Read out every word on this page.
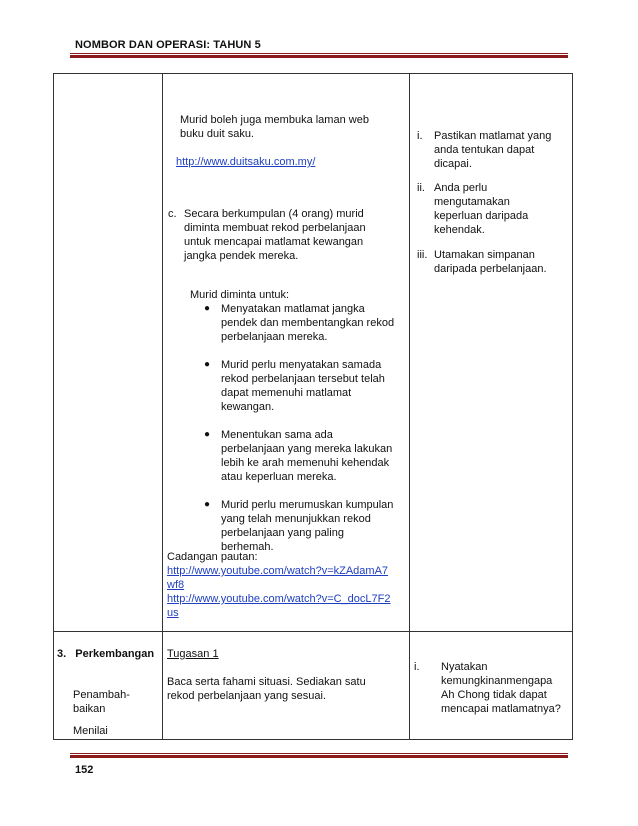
NOMBOR DAN OPERASI: TAHUN 5
Murid boleh juga membuka laman web
buku duit saku.
http://www.duitsaku.com.my/
c. Secara berkumpulan (4 orang) murid
diminta membuat rekod perbelanjaan
untuk mencapai matlamat kewangan
jangka pendek mereka.
Murid diminta untuk:
● Menyatakan matlamat jangka
pendek dan membentangkan rekod
perbelanjaan mereka.
● Murid perlu menyatakan samada
rekod perbelanjaan tersebut telah
dapat memenuhi matlamat
kewangan.
● Menentukan sama ada
perbelanjaan yang mereka lakukan
lebih ke arah memenuhi kehendak
atau keperluan mereka.
● Murid perlu merumuskan kumpulan
yang telah menunjukkan rekod
perbelanjaan yang paling
berhemah.
Cadangan pautan:
http://www.youtube.com/watch?v=kZAdamA7
wf8
http://www.youtube.com/watch?v=C_docL7F2
us
i. Pastikan matlamat yang
anda tentukan dapat
dicapai.
ii. Anda perlu
mengutamakan
keperluan daripada
kehendak.
iii. Utamakan simpanan
daripada perbelanjaan.
3. Perkembangan
Penambah-
baikan
Menilai
Tugasan 1
Baca serta fahami situasi. Sediakan satu
rekod perbelanjaan yang sesuai.
i. Nyatakan
kemungkinanmengapa
Ah Chong tidak dapat
mencapai matlamatnya?
152
